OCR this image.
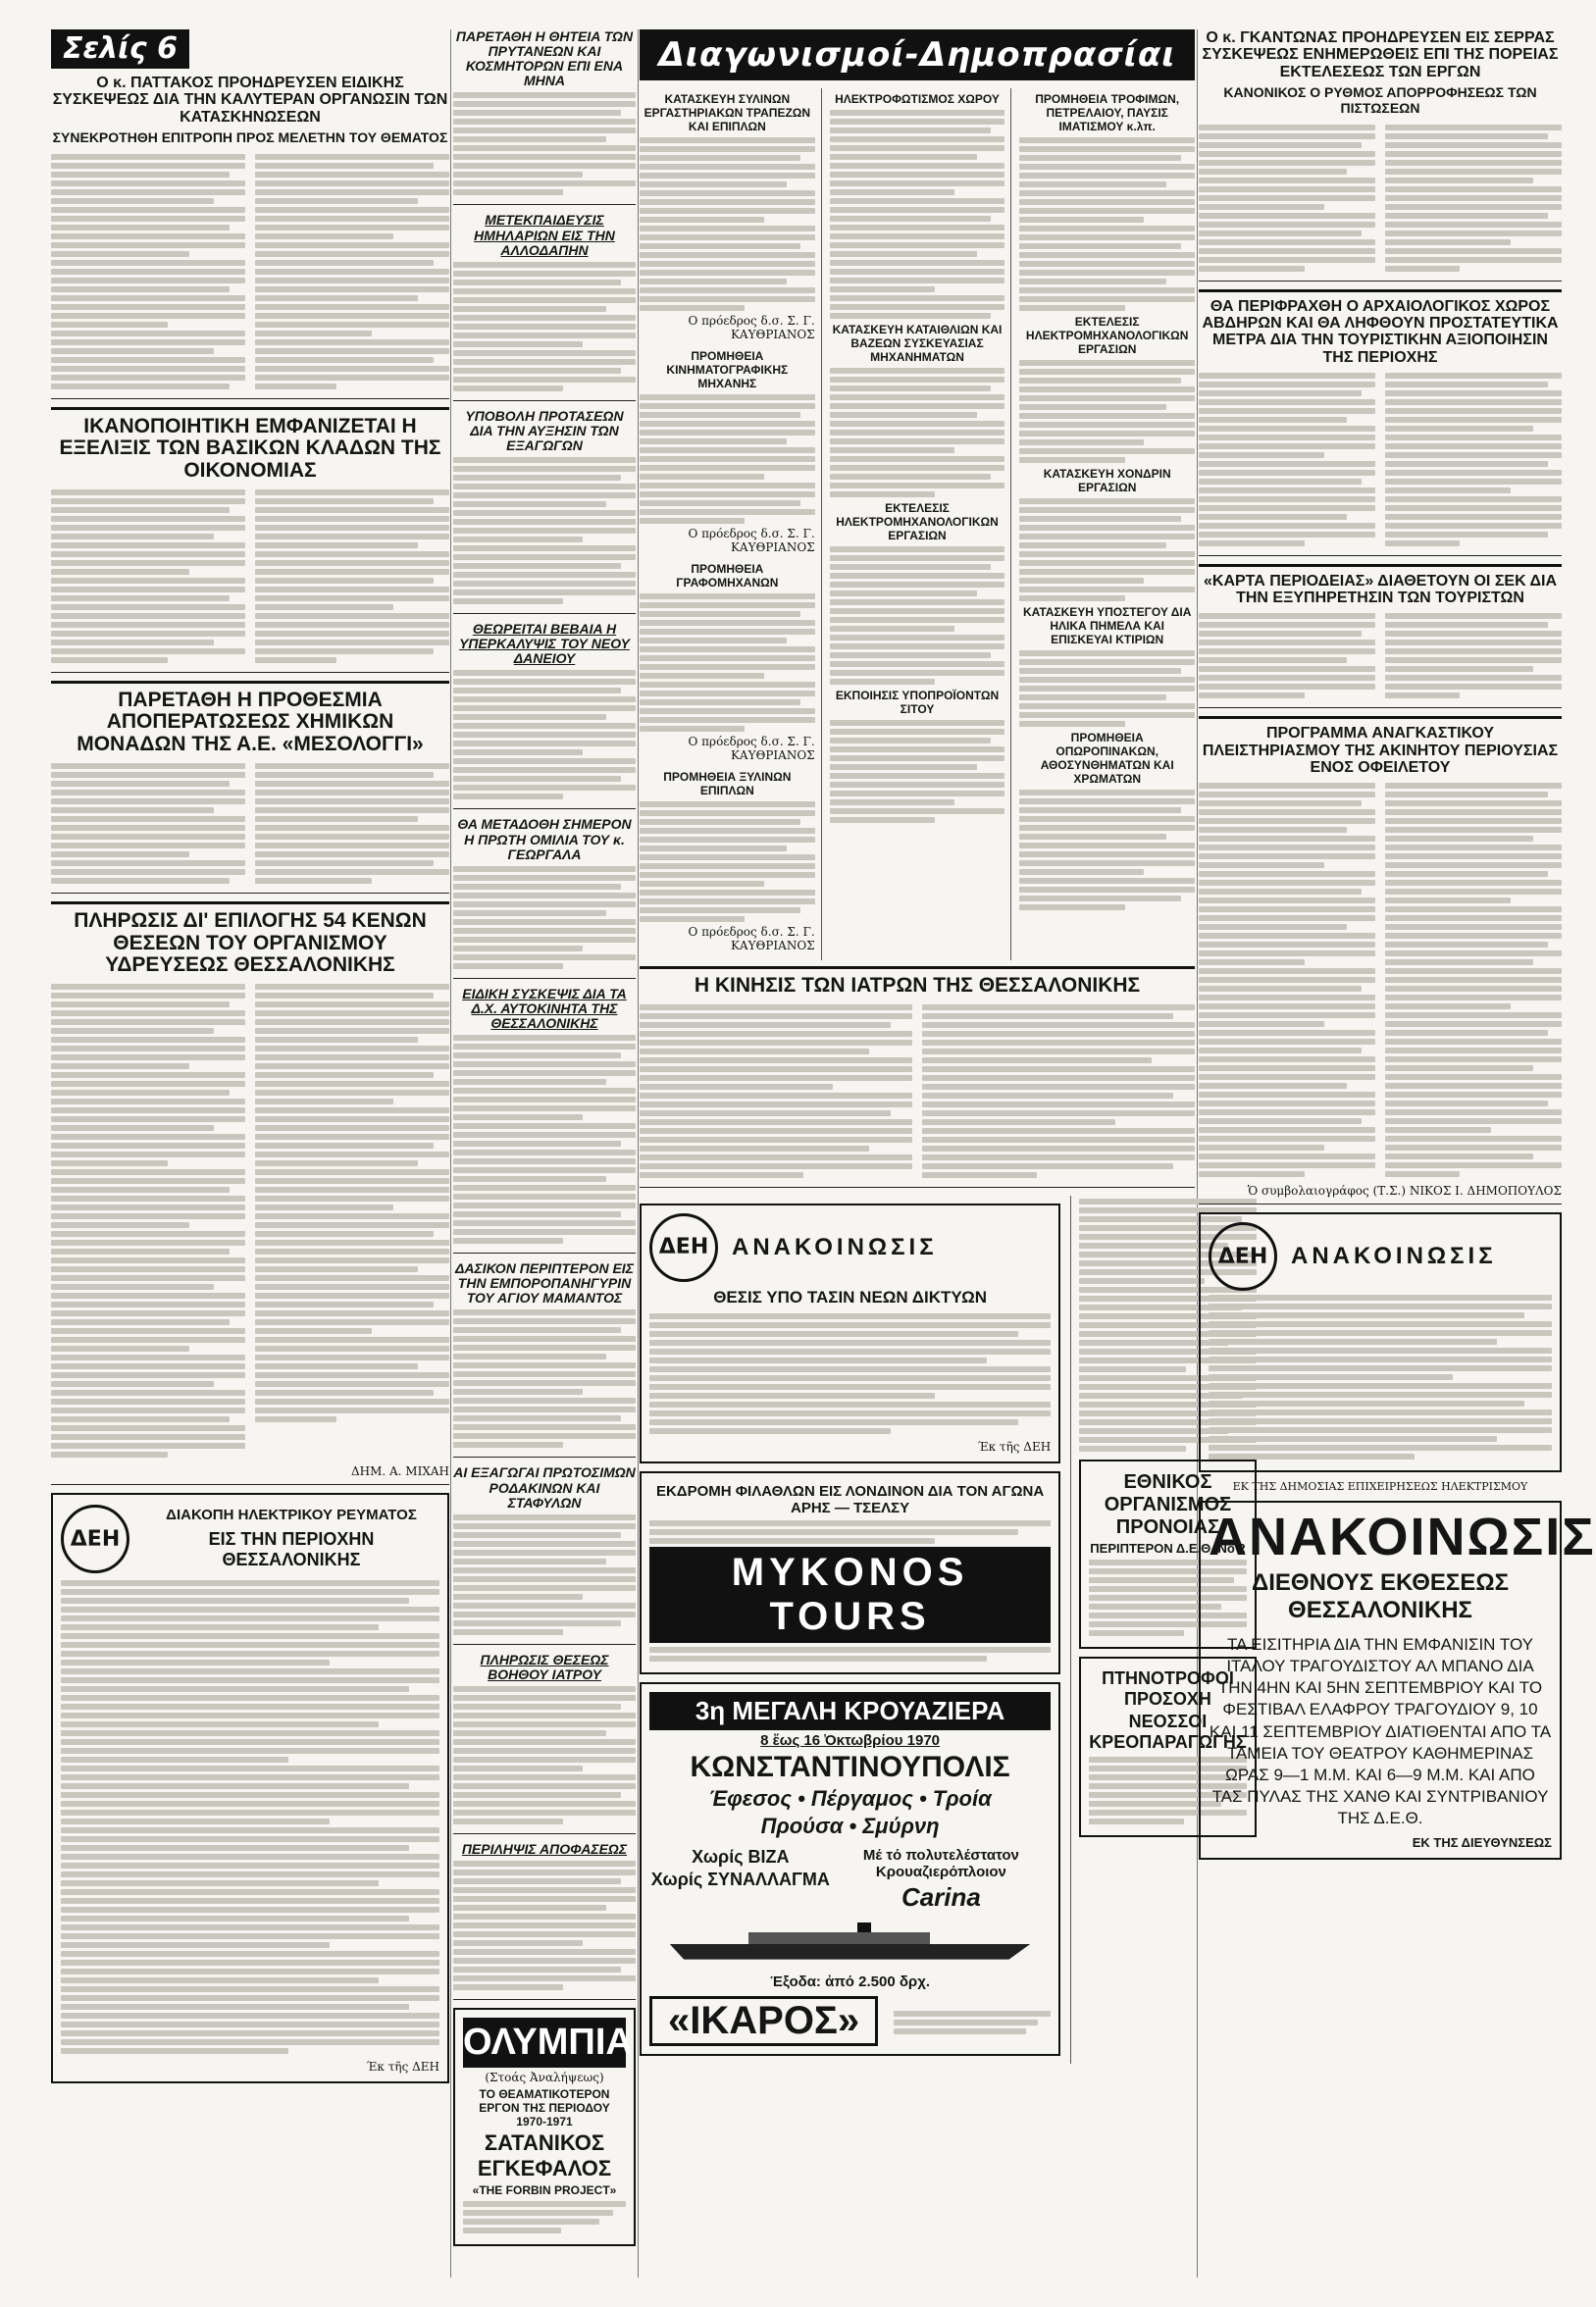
Σελίς 6
Ο κ. ΠΑΤΤΑΚΟΣ ΠΡΟΗΔΡΕΥΣΕΝ ΕΙΔΙΚΗΣ ΣΥΣΚΕΨΕΩΣ ΔΙΑ ΤΗΝ ΚΑΛΥΤΕΡΑΝ ΟΡΓΑΝΩΣΙΝ ΤΩΝ ΚΑΤΑΣΚΗΝΩΣΕΩΝ
ΣΥΝΕΚΡΟΤΗΘΗ ΕΠΙΤΡΟΠΗ ΠΡΟΣ ΜΕΛΕΤΗΝ ΤΟΥ ΘΕΜΑΤΟΣ
ΙΚΑΝΟΠΟΙΗΤΙΚΗ ΕΜΦΑΝΙΖΕΤΑΙ Η ΕΞΕΛΙΞΙΣ ΤΩΝ ΒΑΣΙΚΩΝ ΚΛΑΔΩΝ ΤΗΣ ΟΙΚΟΝΟΜΙΑΣ
ΠΑΡΕΤΑΘΗ Η ΠΡΟΘΕΣΜΙΑ ΑΠΟΠΕΡΑΤΩΣΕΩΣ ΧΗΜΙΚΩΝ ΜΟΝΑΔΩΝ ΤΗΣ Α.Ε. «ΜΕΣΟΛΟΓΓΙ»
ΠΛΗΡΩΣΙΣ ΔΙ' ΕΠΙΛΟΓΗΣ 54 ΚΕΝΩΝ ΘΕΣΕΩΝ ΤΟΥ ΟΡΓΑΝΙΣΜΟΥ ΥΔΡΕΥΣΕΩΣ ΘΕΣΣΑΛΟΝΙΚΗΣ
ΔΗΜ. Α. ΜΙΧΑΗ
ΔΕΗ
ΔΙΑΚΟΠΗ ΗΛΕΚΤΡΙΚΟΥ ΡΕΥΜΑΤΟΣ
ΕΙΣ ΤΗΝ ΠΕΡΙΟΧΗΝ ΘΕΣΣΑΛΟΝΙΚΗΣ
Έκ τῆς ΔΕΗ
ΠΑΡΕΤΑΘΗ Η ΘΗΤΕΙΑ ΤΩΝ ΠΡΥΤΑΝΕΩΝ ΚΑΙ ΚΟΣΜΗΤΟΡΩΝ ΕΠΙ ΕΝΑ ΜΗΝΑ
ΜΕΤΕΚΠΑΙΔΕΥΣΙΣ ΗΜΗΛΑΡΙΩΝ ΕΙΣ ΤΗΝ ΑΛΛΟΔΑΠΗΝ
ΥΠΟΒΟΛΗ ΠΡΟΤΑΣΕΩΝ ΔΙΑ ΤΗΝ ΑΥΞΗΣΙΝ ΤΩΝ ΕΞΑΓΩΓΩΝ
ΘΕΩΡΕΙΤΑΙ ΒΕΒΑΙΑ Η ΥΠΕΡΚΑΛΥΨΙΣ ΤΟΥ ΝΕΟΥ ΔΑΝΕΙΟΥ
ΘΑ ΜΕΤΑΔΟΘΗ ΣΗΜΕΡΟΝ Η ΠΡΩΤΗ ΟΜΙΛΙΑ ΤΟΥ κ. ΓΕΩΡΓΑΛΑ
ΕΙΔΙΚΗ ΣΥΣΚΕΨΙΣ ΔΙΑ ΤΑ Δ.Χ. ΑΥΤΟΚΙΝΗΤΑ ΤΗΣ ΘΕΣΣΑΛΟΝΙΚΗΣ
ΔΑΣΙΚΟΝ ΠΕΡΙΠΤΕΡΟΝ ΕΙΣ ΤΗΝ ΕΜΠΟΡΟΠΑΝΗΓΥΡΙΝ ΤΟΥ ΑΓΙΟΥ ΜΑΜΑΝΤΟΣ
ΑΙ ΕΞΑΓΩΓΑΙ ΠΡΩΤΟΣΙΜΩΝ ΡΟΔΑΚΙΝΩΝ ΚΑΙ ΣΤΑΦΥΛΩΝ
ΠΛΗΡΩΣΙΣ ΘΕΣΕΩΣ ΒΟΗΘΟΥ ΙΑΤΡΟΥ
ΠΕΡΙΛΗΨΙΣ ΑΠΟΦΑΣΕΩΣ
ΟΛΥΜΠΙΑ
(Στοάς Ἀναλήψεως)
ΤΟ ΘΕΑΜΑΤΙΚΟΤΕΡΟΝ ΕΡΓΟΝ ΤΗΣ ΠΕΡΙΟΔΟΥ 1970-1971
ΣΑΤΑΝΙΚΟΣ ΕΓΚΕΦΑΛΟΣ
«THE FORBIN PROJECT»
Διαγωνισμοί-Δημοπρασίαι
ΚΑΤΑΣΚΕΥΗ ΣΥΛΙΝΩΝ ΕΡΓΑΣΤΗΡΙΑΚΩΝ ΤΡΑΠΕΖΩΝ ΚΑΙ ΕΠΙΠΛΩΝ
Ο πρόεδρος δ.σ. Σ. Γ. ΚΑΥΘΡΙΑΝΟΣ
ΠΡΟΜΗΘΕΙΑ ΚΙΝΗΜΑΤΟΓΡΑΦΙΚΗΣ ΜΗΧΑΝΗΣ
Ο πρόεδρος δ.σ. Σ. Γ. ΚΑΥΘΡΙΑΝΟΣ
ΠΡΟΜΗΘΕΙΑ ΓΡΑΦΟΜΗΧΑΝΩΝ
Ο πρόεδρος δ.σ. Σ. Γ. ΚΑΥΘΡΙΑΝΟΣ
ΠΡΟΜΗΘΕΙΑ ΞΥΛΙΝΩΝ ΕΠΙΠΛΩΝ
Ο πρόεδρος δ.σ. Σ. Γ. ΚΑΥΘΡΙΑΝΟΣ
ΗΛΕΚΤΡΟΦΩΤΙΣΜΟΣ ΧΩΡΟΥ
ΚΑΤΑΣΚΕΥΗ ΚΑΤΑΙΘΛΙΩΝ ΚΑΙ ΒΑΖΕΩΝ ΣΥΣΚΕΥΑΣΙΑΣ ΜΗΧΑΝΗΜΑΤΩΝ
ΕΚΤΕΛΕΣΙΣ ΗΛΕΚΤΡΟΜΗΧΑΝΟΛΟΓΙΚΩΝ ΕΡΓΑΣΙΩΝ
ΕΚΠΟΙΗΣΙΣ ΥΠΟΠΡΟΪΟΝΤΩΝ ΣΙΤΟΥ
ΠΡΟΜΗΘΕΙΑ ΤΡΟΦΙΜΩΝ, ΠΕΤΡΕΛΑΙΟΥ, ΠΑΥΣΙΣ ΙΜΑΤΙΣΜΟΥ κ.λπ.
ΕΚΤΕΛΕΣΙΣ ΗΛΕΚΤΡΟΜΗΧΑΝΟΛΟΓΙΚΩΝ ΕΡΓΑΣΙΩΝ
ΚΑΤΑΣΚΕΥΗ ΧΟΝΔΡΙΝ ΕΡΓΑΣΙΩΝ
ΚΑΤΑΣΚΕΥΗ ΥΠΟΣΤΕΓΟΥ ΔΙΑ ΗΛΙΚΑ ΠΗΜΕΛΑ ΚΑΙ ΕΠΙΣΚΕΥΑΙ ΚΤΙΡΙΩΝ
ΠΡΟΜΗΘΕΙΑ ΟΠΩΡΟΠΙΝΑΚΩΝ, ΑΘΟΣΥΝΘΗΜΑΤΩΝ ΚΑΙ ΧΡΩΜΑΤΩΝ
Η ΚΙΝΗΣΙΣ ΤΩΝ ΙΑΤΡΩΝ ΤΗΣ ΘΕΣΣΑΛΟΝΙΚΗΣ
ΔΕΗ ΑΝΑΚΟΙΝΩΣΙΣ
ΘΕΣΙΣ ΥΠΟ ΤΑΣΙΝ ΝΕΩΝ ΔΙΚΤΥΩΝ
Έκ τῆς ΔΕΗ
ΕΚΔΡΟΜΗ ΦΙΛΑΘΛΩΝ ΕΙΣ ΛΟΝΔΙΝΟΝ ΔΙΑ ΤΟΝ ΑΓΩΝΑ ΑΡΗΣ — ΤΣΕΛΣΥ
MYKONOS TOURS
3η ΜΕΓΑΛΗ ΚΡΟΥΑΖΙΕΡΑ
8 ἕως 16 Ὀκτωβρίου 1970
ΚΩΝΣΤΑΝΤΙΝΟΥΠΟΛΙΣ
Έφεσος • Πέργαμος • Τροία
Προύσα • Σμύρνη
Χωρίς ΒΙΖΑ
Χωρίς ΣΥΝΑΛΛΑΓΜΑ
Μέ τό πολυτελέστατον Κρουαζιερόπλοιον
Carina
Έξοδα: ἀπό 2.500 δρχ.
«ΙΚΑΡΟΣ»
ΕΘΝΙΚΟΣ ΟΡΓΑΝΙΣΜΟΣ ΠΡΟΝΟΙΑΣ
ΠΕΡΙΠΤΕΡΟΝ Δ.Ε.Θ. Νο 2
ΠΤΗΝΟΤΡΟΦΟΙ ΠΡΟΣΟΧΗ
ΝΕΟΣΣΟΙ ΚΡΕΟΠΑΡΑΓΩΓΗΣ
Ο κ. ΓΚΑΝΤΩΝΑΣ ΠΡΟΗΔΡΕΥΣΕΝ ΕΙΣ ΣΕΡΡΑΣ ΣΥΣΚΕΨΕΩΣ ΕΝΗΜΕΡΩΘΕΙΣ ΕΠΙ ΤΗΣ ΠΟΡΕΙΑΣ ΕΚΤΕΛΕΣΕΩΣ ΤΩΝ ΕΡΓΩΝ
ΚΑΝΟΝΙΚΟΣ Ο ΡΥΘΜΟΣ ΑΠΟΡΡΟΦΗΣΕΩΣ ΤΩΝ ΠΙΣΤΩΣΕΩΝ
ΘΑ ΠΕΡΙΦΡΑΧΘΗ Ο ΑΡΧΑΙΟΛΟΓΙΚΟΣ ΧΩΡΟΣ ΑΒΔΗΡΩΝ ΚΑΙ ΘΑ ΛΗΦΘΟΥΝ ΠΡΟΣΤΑΤΕΥΤΙΚΑ ΜΕΤΡΑ ΔΙΑ ΤΗΝ ΤΟΥΡΙΣΤΙΚΗΝ ΑΞΙΟΠΟΙΗΣΙΝ ΤΗΣ ΠΕΡΙΟΧΗΣ
«ΚΑΡΤΑ ΠΕΡΙΟΔΕΙΑΣ» ΔΙΑΘΕΤΟΥΝ ΟΙ ΣΕΚ ΔΙΑ ΤΗΝ ΕΞΥΠΗΡΕΤΗΣΙΝ ΤΩΝ ΤΟΥΡΙΣΤΩΝ
ΠΡΟΓΡΑΜΜΑ ΑΝΑΓΚΑΣΤΙΚΟΥ ΠΛΕΙΣΤΗΡΙΑΣΜΟΥ ΤΗΣ ΑΚΙΝΗΤΟΥ ΠΕΡΙΟΥΣΙΑΣ ΕΝΟΣ ΟΦΕΙΛΕΤΟΥ
Ὁ συμβολαιογράφος (Τ.Σ.) ΝΙΚΟΣ Ι. ΔΗΜΟΠΟΥΛΟΣ
ΔΕΗ ΑΝΑΚΟΙΝΩΣΙΣ
ΕΚ ΤΗΣ ΔΗΜΟΣΙΑΣ ΕΠΙΧΕΙΡΗΣΕΩΣ ΗΛΕΚΤΡΙΣΜΟΥ
ΑΝΑΚΟΙΝΩΣΙΣ
ΔΙΕΘΝΟΥΣ ΕΚΘΕΣΕΩΣ ΘΕΣΣΑΛΟΝΙΚΗΣ
ΤΑ ΕΙΣΙΤΗΡΙΑ ΔΙΑ ΤΗΝ ΕΜΦΑΝΙΣΙΝ ΤΟΥ ΙΤΑΛΟΥ ΤΡΑΓΟΥΔΙΣΤΟΥ ΑΛ ΜΠΑΝΟ ΔΙΑ ΤΗΝ 4ΗΝ ΚΑΙ 5ΗΝ ΣΕΠΤΕΜΒΡΙΟΥ ΚΑΙ ΤΟ ΦΕΣΤΙΒΑΛ ΕΛΑΦΡΟΥ ΤΡΑΓΟΥΔΙΟΥ 9, 10 ΚΑΙ 11 ΣΕΠΤΕΜΒΡΙΟΥ ΔΙΑΤΙΘΕΝΤΑΙ ΑΠΟ ΤΑ ΤΑΜΕΙΑ ΤΟΥ ΘΕΑΤΡΟΥ ΚΑΘΗΜΕΡΙΝΑΣ ΩΡΑΣ 9—1 Μ.Μ. ΚΑΙ 6—9 Μ.Μ. ΚΑΙ ΑΠΟ ΤΑΣ ΠΥΛΑΣ ΤΗΣ ΧΑΝΘ ΚΑΙ ΣΥΝΤΡΙΒΑΝΙΟΥ ΤΗΣ Δ.Ε.Θ.
ΕΚ ΤΗΣ ΔΙΕΥΘΥΝΣΕΩΣ
